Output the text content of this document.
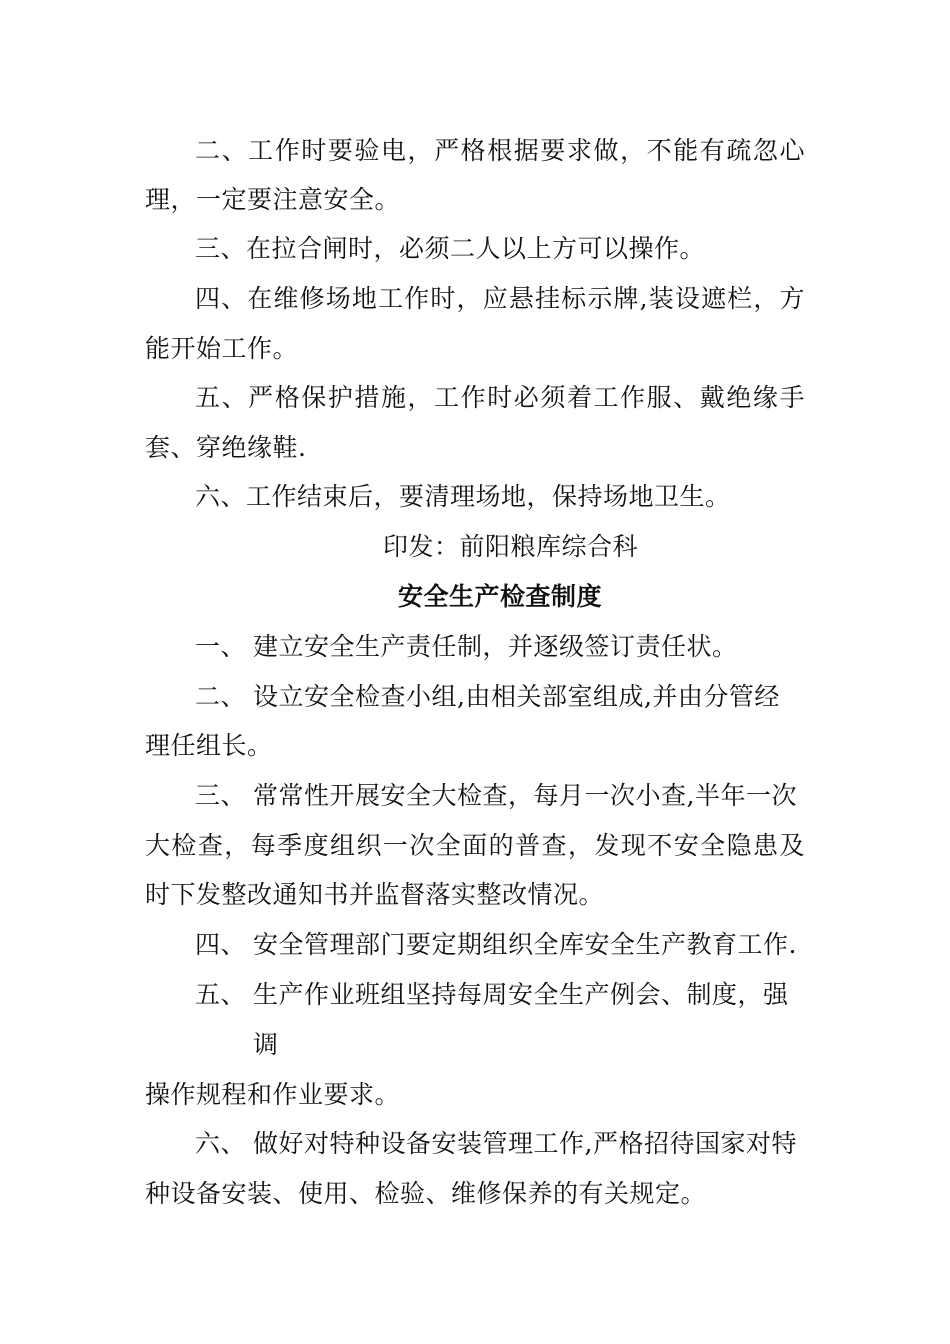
二、工作时要验电，严格根据要求做，不能有疏忽心
理，一定要注意安全。
三、在拉合闸时，必须二人以上方可以操作。
四、在维修场地工作时，应悬挂标示牌,装设遮栏，方
能开始工作。
五、严格保护措施，工作时必须着工作服、戴绝缘手
套、穿绝缘鞋.
六、工作结束后，要清理场地，保持场地卫生。
印发：前阳粮库综合科
安全生产检查制度
一、 建立安全生产责任制，并逐级签订责任状。
二、 设立安全检查小组,由相关部室组成,并由分管经
理任组长。
三、 常常性开展安全大检查，每月一次小查,半年一次
大检查，每季度组织一次全面的普查，发现不安全隐患及
时下发整改通知书并监督落实整改情况。
四、 安全管理部门要定期组织全库安全生产教育工作.
五、 生产作业班组坚持每周安全生产例会、制度，强
调
操作规程和作业要求。
六、 做好对特种设备安装管理工作,严格招待国家对特
种设备安装、使用、检验、维修保养的有关规定。
